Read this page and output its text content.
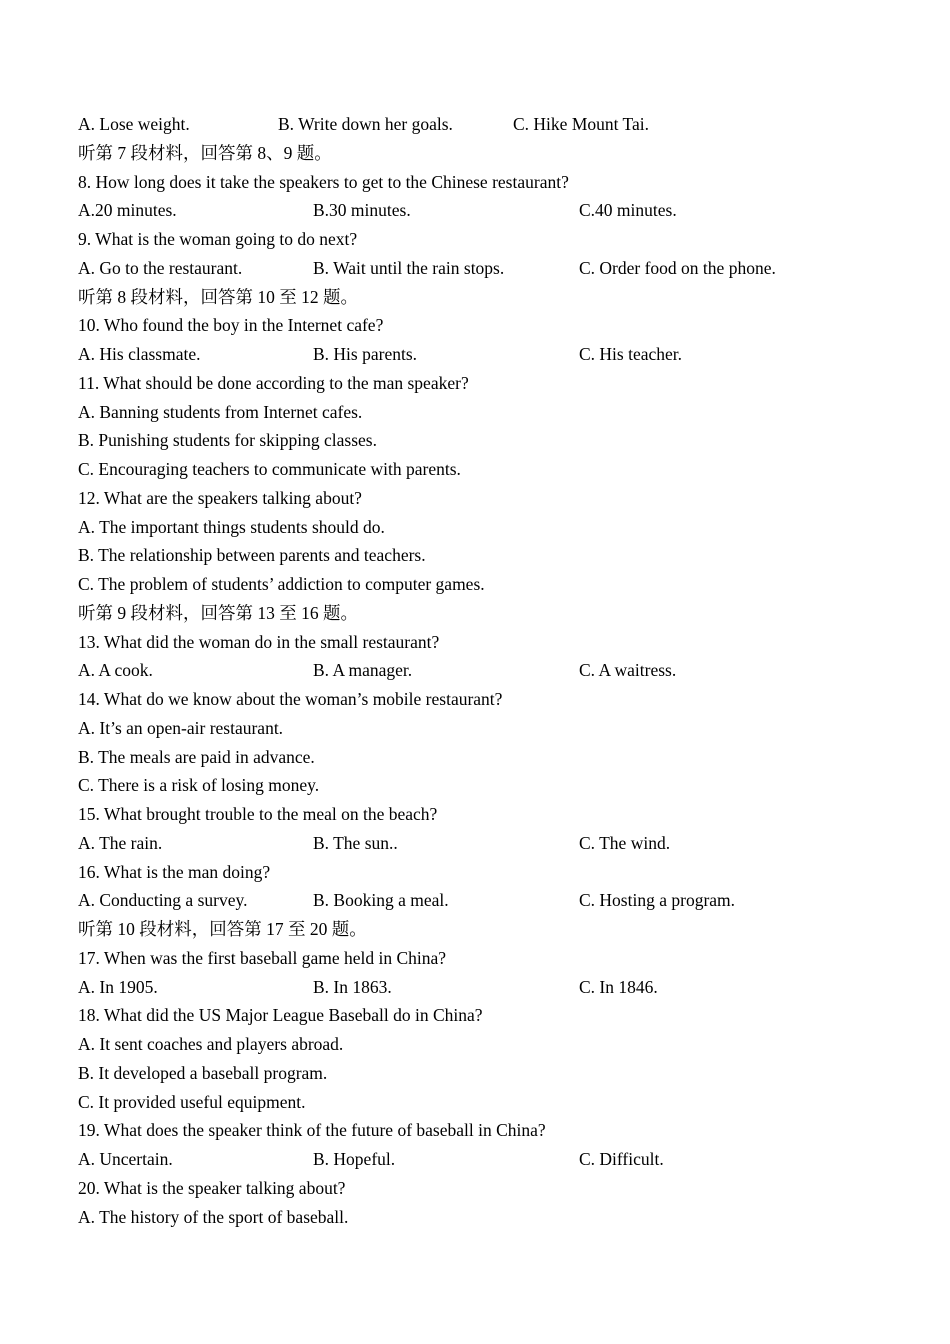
A. Lose weight.	B. Write down her goals.	C. Hike Mount Tai.
听第 7 段材料，回答第 8、9 题。
8. How long does it take the speakers to get to the Chinese restaurant?
A.20 minutes.	B.30 minutes.	C.40 minutes.
9. What is the woman going to do next?
A. Go to the restaurant.	B. Wait until the rain stops.	C. Order food on the phone.
听第 8 段材料，回答第 10 至 12 题。
10. Who found the boy in the Internet cafe?
A. His classmate.	B. His parents.	C. His teacher.
11. What should be done according to the man speaker?
A. Banning students from Internet cafes.
B. Punishing students for skipping classes.
C. Encouraging teachers to communicate with parents.
12. What are the speakers talking about?
A. The important things students should do.
B. The relationship between parents and teachers.
C. The problem of students’ addiction to computer games.
听第 9 段材料，回答第 13 至 16 题。
13. What did the woman do in the small restaurant?
A. A cook.	B. A manager.	C. A waitress.
14. What do we know about the woman’s mobile restaurant?
A. It’s an open-air restaurant.
B. The meals are paid in advance.
C. There is a risk of losing money.
15. What brought trouble to the meal on the beach?
A. The rain.	B. The sun..	C. The wind.
16. What is the man doing?
A. Conducting a survey.	B. Booking a meal.	C. Hosting a program.
听第 10 段材料，回答第 17 至 20 题。
17. When was the first baseball game held in China?
A. In 1905.	B. In 1863.	C. In 1846.
18. What did the US Major League Baseball do in China?
A. It sent coaches and players abroad.
B. It developed a baseball program.
C. It provided useful equipment.
19. What does the speaker think of the future of baseball in China?
A. Uncertain.	B. Hopeful.	C. Difficult.
20. What is the speaker talking about?
A. The history of the sport of baseball.
